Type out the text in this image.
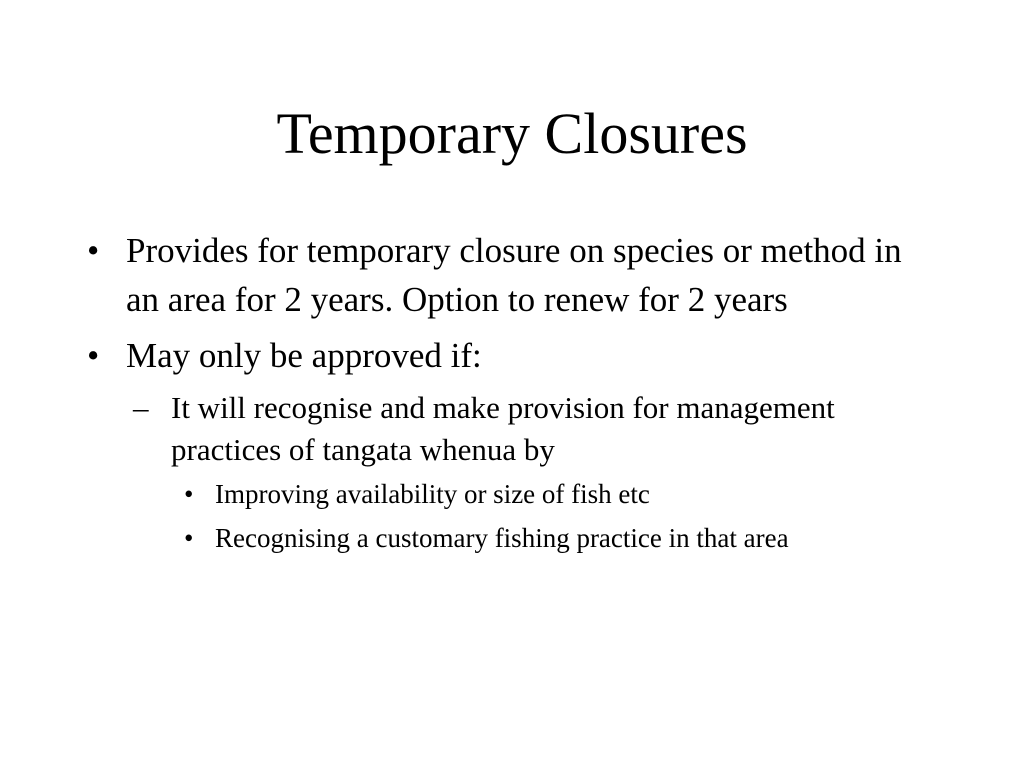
Temporary Closures
• Provides for temporary closure on species or method in an area for 2 years. Option to renew for 2 years
• May only be approved if:
– It will recognise and make provision for management practices of tangata whenua by
• Improving availability or size of fish etc
• Recognising a customary fishing practice in that area
